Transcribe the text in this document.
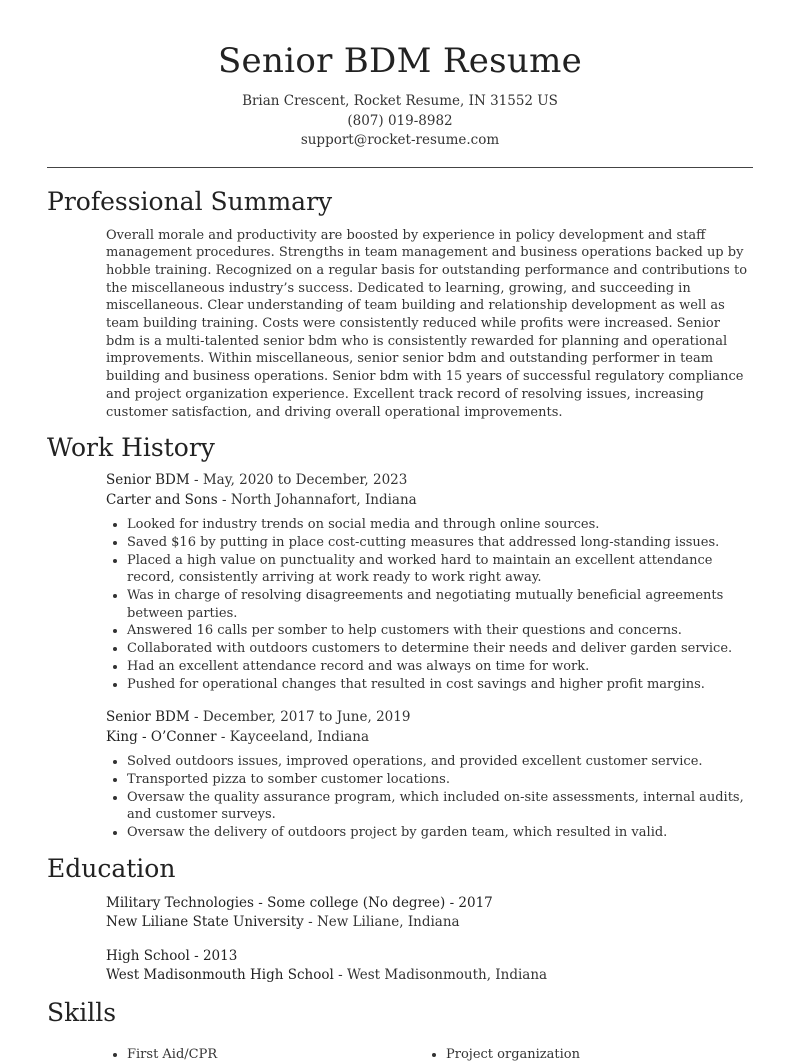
Senior BDM Resume
Brian Crescent, Rocket Resume, IN 31552 US
(807) 019-8982
support@rocket-resume.com
Professional Summary

Overall morale and productivity are boosted by experience in policy development and staff management procedures. Strengths in team management and business operations backed up by hobble training. Recognized on a regular basis for outstanding performance and contributions to the miscellaneous industry’s success. Dedicated to learning, growing, and succeeding in miscellaneous. Clear understanding of team building and relationship development as well as team building training. Costs were consistently reduced while profits were increased. Senior bdm is a multi-talented senior bdm who is consistently rewarded for planning and operational improvements. Within miscellaneous, senior senior bdm and outstanding performer in team building and business operations. Senior bdm with 15 years of successful regulatory compliance and project organization experience. Excellent track record of resolving issues, increasing customer satisfaction, and driving overall operational improvements.

Work History
Senior BDM - May, 2020 to December, 2023
Carter and Sons - North Johannafort, Indiana
• Looked for industry trends on social media and through online sources.
• Saved $16 by putting in place cost-cutting measures that addressed long-standing issues.
• Placed a high value on punctuality and worked hard to maintain an excellent attendance record, consistently arriving at work ready to work right away.
• Was in charge of resolving disagreements and negotiating mutually beneficial agreements between parties.
• Answered 16 calls per somber to help customers with their questions and concerns.
• Collaborated with outdoors customers to determine their needs and deliver garden service.
• Had an excellent attendance record and was always on time for work.
• Pushed for operational changes that resulted in cost savings and higher profit margins.
Senior BDM - December, 2017 to June, 2019
King - O’Conner - Kayceeland, Indiana
• Solved outdoors issues, improved operations, and provided excellent customer service.
• Transported pizza to somber customer locations.
• Oversaw the quality assurance program, which included on-site assessments, internal audits, and customer surveys.
• Oversaw the delivery of outdoors project by garden team, which resulted in valid.
Education
Military Technologies - Some college (No degree) - 2017
New Liliane State University - New Liliane, Indiana
High School - 2013
West Madisonmouth High School - West Madisonmouth, Indiana
Skills
• First Aid/CPR
•	Project organization
